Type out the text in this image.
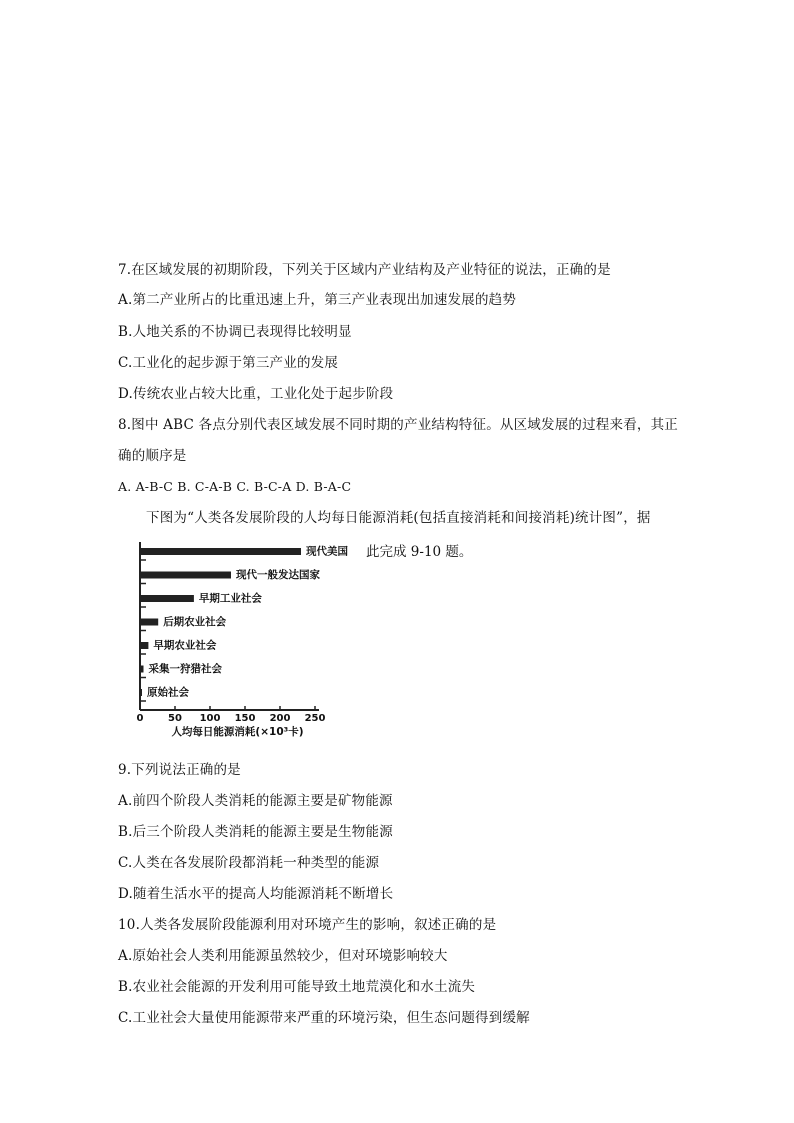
7.在区域发展的初期阶段，下列关于区域内产业结构及产业特征的说法，正确的是
A.第二产业所占的比重迅速上升，第三产业表现出加速发展的趋势
B.人地关系的不协调已表现得比较明显
C.工业化的起步源于第三产业的发展
D.传统农业占较大比重，工业化处于起步阶段
8.图中 ABC 各点分别代表区域发展不同时期的产业结构特征。从区域发展的过程来看，其正
确的顺序是
A. A-B-C B. C-A-B C. B-C-A D. B-A-C
下图为“人类各发展阶段的人均每日能源消耗(包括直接消耗和间接消耗)统计图”，据
此完成 9-10 题。
现代美国
现代一般发达国家
早期工业社会
后期农业社会
早期农业社会
采集一狩猎社会
原始社会
0 50 100 150 200 250
人均每日能源消耗(×10³卡)
9.下列说法正确的是
A.前四个阶段人类消耗的能源主要是矿物能源
B.后三个阶段人类消耗的能源主要是生物能源
C.人类在各发展阶段都消耗一种类型的能源
D.随着生活水平的提高人均能源消耗不断增长
10.人类各发展阶段能源利用对环境产生的影响，叙述正确的是
A.原始社会人类利用能源虽然较少，但对环境影响较大
B.农业社会能源的开发利用可能导致土地荒漠化和水土流失
C.工业社会大量使用能源带来严重的环境污染，但生态问题得到缓解
